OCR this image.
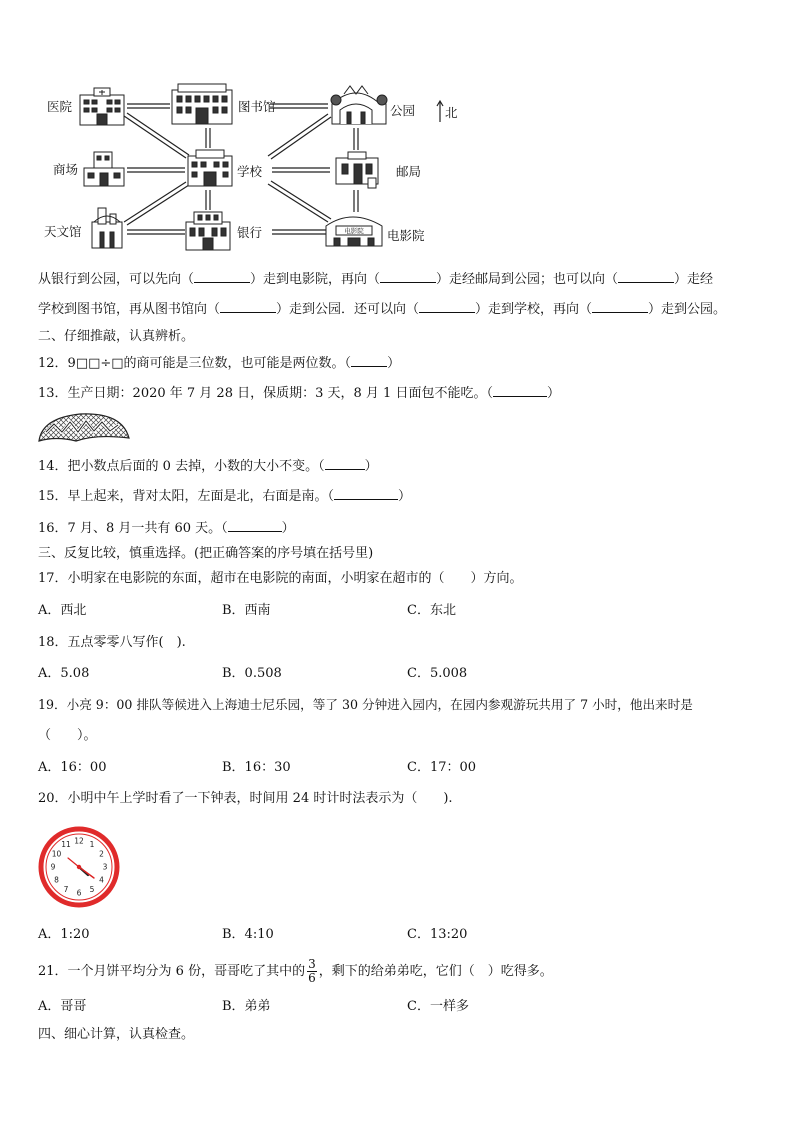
电影院
医院	图书馆	公园 北
商场	学校	邮局
天文馆	银行	电影院
从银行到公园，可以先向（	）走到电影院，再向（	）走经邮局到公园；也可以向（	）走经
学校到图书馆，再从图书馆向（	）走到公园．还可以向（	）走到学校，再向（	）走到公园。
二、仔细推敲，认真辨析。
12．9□□÷□的商可能是三位数，也可能是两位数。（	）
13．生产日期：2020 年 7 月 28 日，保质期：3 天，8 月 1 日面包不能吃。（	）
14．把小数点后面的 0 去掉，小数的大小不变。（	）
15．早上起来，背对太阳，左面是北，右面是南。（	）
16．7 月、8 月一共有 60 天。（	）
三、反复比较，慎重选择。(把正确答案的序号填在括号里)
17．小明家在电影院的东面，超市在电影院的南面，小明家在超市的（　　）方向。
A．西北	B．西南	C．东北
18．五点零零八写作(　).
A．5.08	B．0.508	C．5.008
19．小亮 9：00 排队等候进入上海迪士尼乐园，等了 30 分钟进入园内，在园内参观游玩共用了 7 小时，他出来时是
（　　）。
A．16：00	B．16：30	C．17：00
20．小明中午上学时看了一下钟表，时间用 24 时计时法表示为（　　).
12 1
2
3
4
5
6
7
8
9
10
11
A．1:20	B．4:10	C．13:20
21．一个月饼平均分为 6 份，哥哥吃了其中的 $\frac{3}{6}$ ，剩下的给弟弟吃，它们（　）吃得多。
A．哥哥	B．弟弟	C．一样多
四、细心计算，认真检查。
